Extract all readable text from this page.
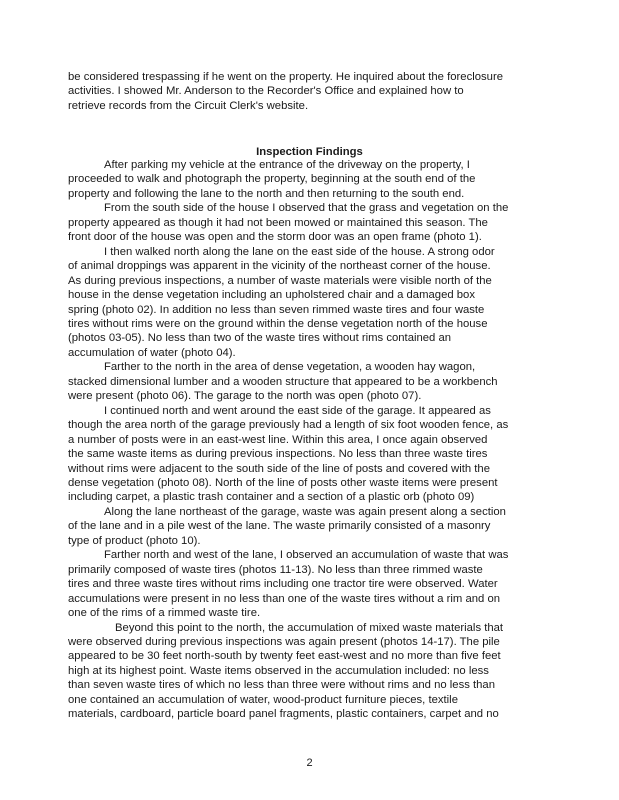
be considered trespassing if he went on the property. He inquired about the foreclosure
activities. I showed Mr. Anderson to the Recorder's Office and explained how to
retrieve records from the Circuit Clerk's website.
Inspection Findings
After parking my vehicle at the entrance of the driveway on the property, I
proceeded to walk and photograph the property, beginning at the south end of the
property and following the lane to the north and then returning to the south end.
From the south side of the house I observed that the grass and vegetation on the
property appeared as though it had not been mowed or maintained this season. The
front door of the house was open and the storm door was an open frame (photo 1).
I then walked north along the lane on the east side of the house. A strong odor
of animal droppings was apparent in the vicinity of the northeast corner of the house.
As during previous inspections, a number of waste materials were visible north of the
house in the dense vegetation including an upholstered chair and a damaged box
spring (photo 02). In addition no less than seven rimmed waste tires and four waste
tires without rims were on the ground within the dense vegetation north of the house
(photos 03-05). No less than two of the waste tires without rims contained an
accumulation of water (photo 04).
Farther to the north in the area of dense vegetation, a wooden hay wagon,
stacked dimensional lumber and a wooden structure that appeared to be a workbench
were present (photo 06). The garage to the north was open (photo 07).
I continued north and went around the east side of the garage. It appeared as
though the area north of the garage previously had a length of six foot wooden fence, as
a number of posts were in an east-west line. Within this area, I once again observed
the same waste items as during previous inspections. No less than three waste tires
without rims were adjacent to the south side of the line of posts and covered with the
dense vegetation (photo 08). North of the line of posts other waste items were present
including carpet, a plastic trash container and a section of a plastic orb (photo 09)
Along the lane northeast of the garage, waste was again present along a section
of the lane and in a pile west of the lane. The waste primarily consisted of a masonry
type of product (photo 10).
Farther north and west of the lane, I observed an accumulation of waste that was
primarily composed of waste tires (photos 11-13). No less than three rimmed waste
tires and three waste tires without rims including one tractor tire were observed. Water
accumulations were present in no less than one of the waste tires without a rim and on
one of the rims of a rimmed waste tire.
Beyond this point to the north, the accumulation of mixed waste materials that
were observed during previous inspections was again present (photos 14-17). The pile
appeared to be 30 feet north-south by twenty feet east-west and no more than five feet
high at its highest point. Waste items observed in the accumulation included: no less
than seven waste tires of which no less than three were without rims and no less than
one contained an accumulation of water, wood-product furniture pieces, textile
materials, cardboard, particle board panel fragments, plastic containers, carpet and no
2
